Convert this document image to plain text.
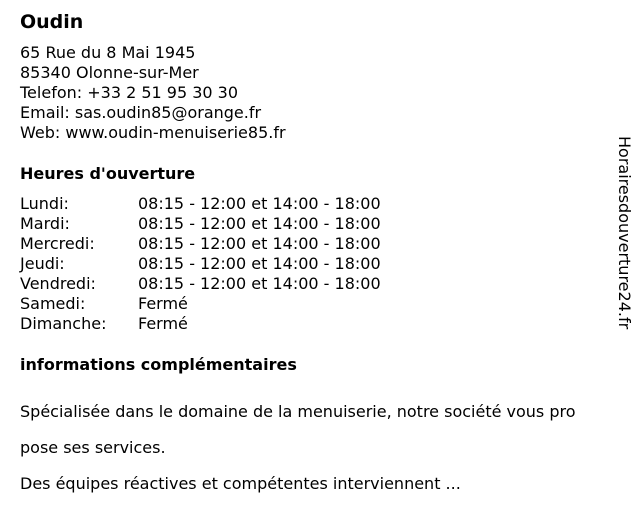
Oudin
65 Rue du 8 Mai 1945
85340 Olonne-sur-Mer
Telefon: +33 2 51 95 30 30
Email: sas.oudin85@orange.fr
Web: www.oudin-menuiserie85.fr
Heures d'ouverture
Lundi:	08:15 - 12:00 et 14:00 - 18:00
Mardi:	08:15 - 12:00 et 14:00 - 18:00
Mercredi:	08:15 - 12:00 et 14:00 - 18:00
Jeudi:	08:15 - 12:00 et 14:00 - 18:00
Vendredi:	08:15 - 12:00 et 14:00 - 18:00
Samedi:	Fermé
Dimanche:	Fermé
informations complémentaires

Spécialisée dans le domaine de la menuiserie, notre société vous pro

pose ses services.

Des équipes réactives et compétentes interviennent ...

Horairesdouverture24.fr
